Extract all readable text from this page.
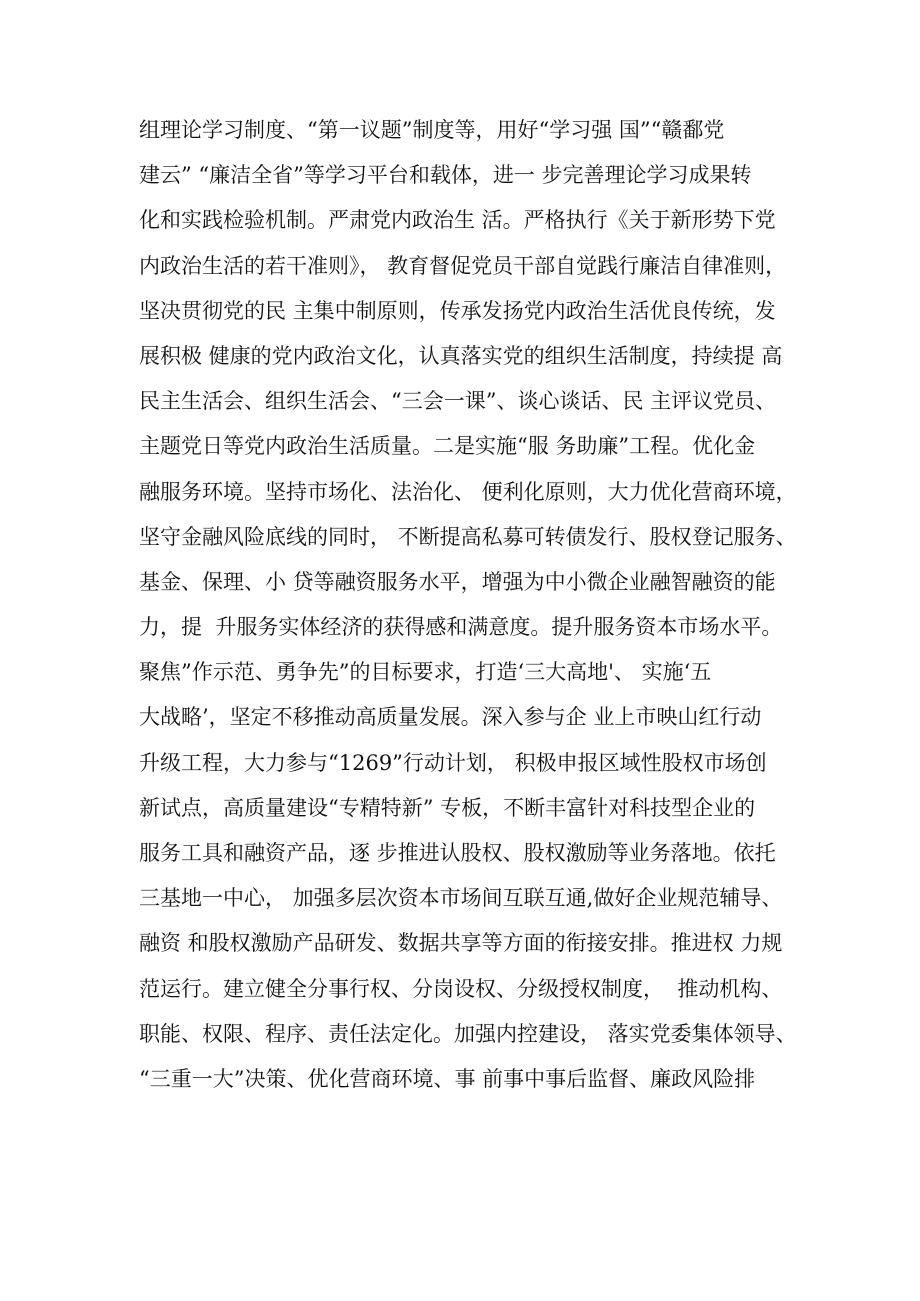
组理论学习制度、“第一议题”制度等，用好“学习强 国”“赣鄱党
建云” “廉洁全省”等学习平台和载体，进一 步完善理论学习成果转
化和实践检验机制。严肃党内政治生 活。严格执行《关于新形势下党
内政治生活的若干准则》， 教育督促党员干部自觉践行廉洁自律准则，
坚决贯彻党的民 主集中制原则，传承发扬党内政治生活优良传统，发
展积极 健康的党内政治文化，认真落实党的组织生活制度，持续提 高
民主生活会、组织生活会、“三会一课”、谈心谈话、民 主评议党员、
主题党日等党内政治生活质量。二是实施“服 务助廉”工程。优化金
融服务环境。坚持市场化、法治化、 便利化原则，大力优化营商环境，
坚守金融风险底线的同时， 不断提高私募可转债发行、股权登记服务、
基金、保理、小 贷等融资服务水平，增强为中小微企业融智融资的能
力，提  升服务实体经济的获得感和满意度。提升服务资本市场水平。
聚焦”作示范、勇争先”的目标要求，打造‘三大高地'、 实施‘五
大战略’，坚定不移推动高质量发展。深入参与企 业上市映山红行动
升级工程，大力参与“1269”行动计划， 积极申报区域性股权市场创
新试点，高质量建设“专精特新” 专板，不断丰富针对科技型企业的
服务工具和融资产品，逐 步推进认股权、股权激励等业务落地。依托
三基地一中心， 加强多层次资本市场间互联互通,做好企业规范辅导、
融资 和股权激励产品研发、数据共享等方面的衔接安排。推进权 力规
范运行。建立健全分事行权、分岗设权、分级授权制度，  推动机构、
职能、权限、程序、责任法定化。加强内控建设， 落实党委集体领导、
“三重一大”决策、优化营商环境、事 前事中事后监督、廉政风险排
